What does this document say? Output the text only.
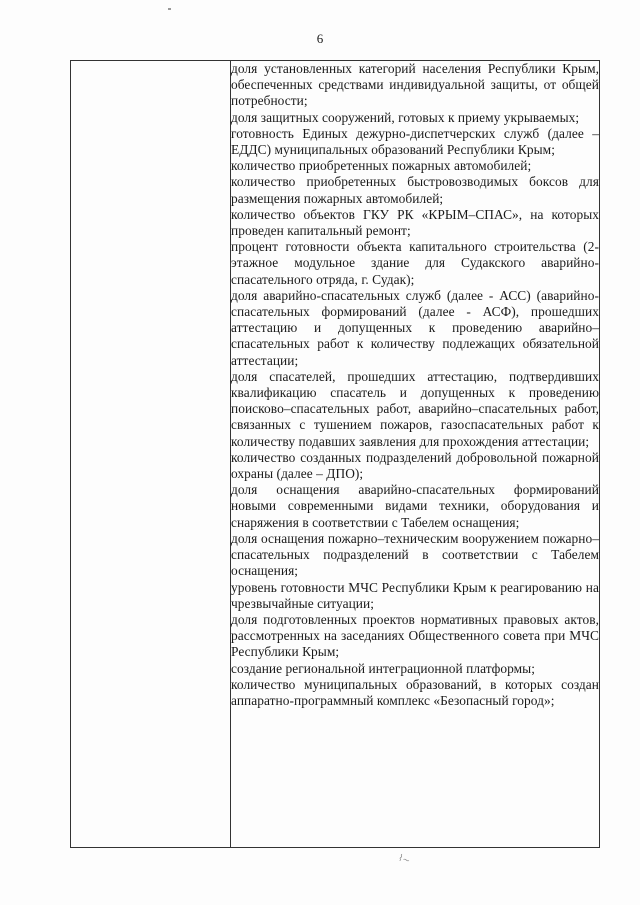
6

доля установленных категорий населения Республики Крым, обеспеченных средствами индивидуальной защиты, от общей потребности;

доля защитных сооружений, готовых к приему укрываемых;

готовность Единых дежурно-диспетчерских служб (далее – ЕДДС) муниципальных образований Республики Крым;

количество приобретенных пожарных автомобилей;

количество приобретенных быстровозводимых боксов для размещения пожарных автомобилей;

количество объектов ГКУ РК «КРЫМ–СПАС», на которых проведен капитальный ремонт;

процент готовности объекта капитального строительства (2-этажное модульное здание для Судакского аварийно-спасательного отряда, г. Судак);

доля аварийно-спасательных служб (далее - АСС) (аварийно-спасательных формирований (далее - АСФ), прошедших аттестацию и допущенных к проведению аварийно–спасательных работ к количеству подлежащих обязательной аттестации;

доля спасателей, прошедших аттестацию, подтвердивших квалификацию спасатель и допущенных к проведению поисково–спасательных работ, аварийно–спасательных работ, связанных с тушением пожаров, газоспасательных работ к количеству подавших заявления для прохождения аттестации;

количество созданных подразделений добровольной пожарной охраны (далее – ДПО);

доля оснащения аварийно-спасательных формирований новыми современными видами техники, оборудования и снаряжения в соответствии с Табелем оснащения;

доля оснащения пожарно–техническим вооружением пожарно–спасательных подразделений в соответствии с Табелем оснащения;

уровень готовности МЧС Республики Крым к реагированию на чрезвычайные ситуации;

доля подготовленных проектов нормативных правовых актов, рассмотренных на заседаниях Общественного совета при МЧС Республики Крым;

создание региональной интеграционной платформы;

количество муниципальных образований, в которых создан аппаратно-программный комплекс «Безопасный город»;

⌇~
